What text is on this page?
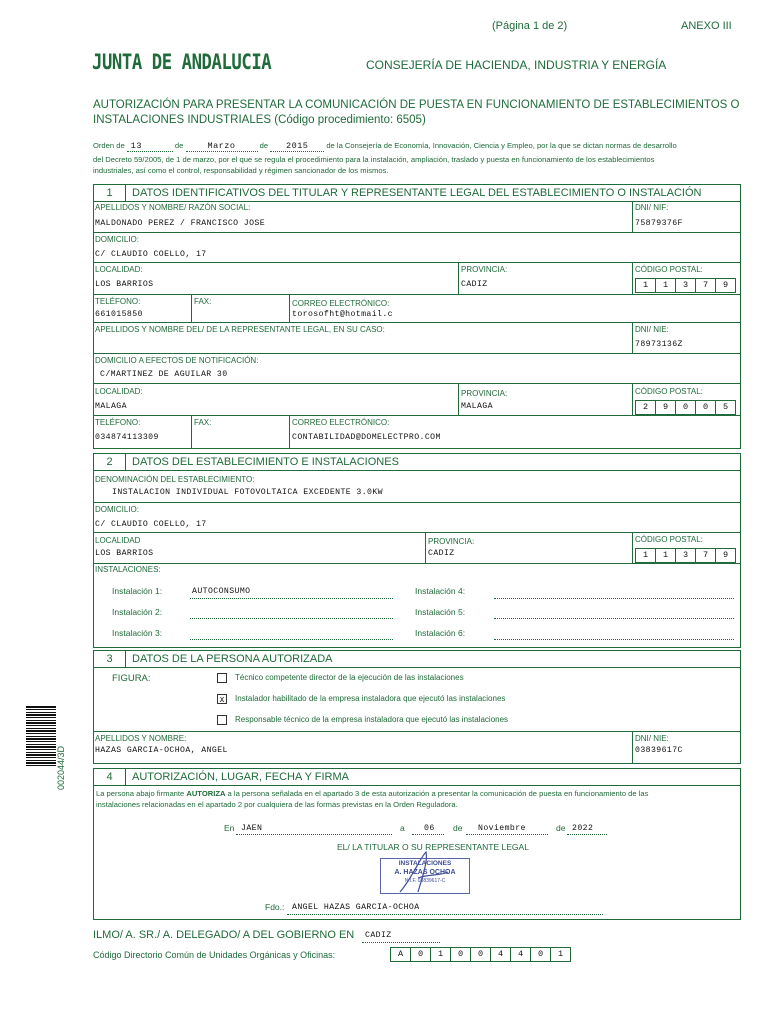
(Página 1 de 2)	ANEXO III
JUNTA DE ANDALUCIA	CONSEJERÍA DE HACIENDA, INDUSTRIA Y ENERGÍA
AUTORIZACIÓN PARA PRESENTAR LA COMUNICACIÓN DE PUESTA EN FUNCIONAMIENTO DE ESTABLECIMIENTOS O
INSTALACIONES INDUSTRIALES (Código procedimiento: 6505)
Orden de 13	de	Marzo	de 2015 de la Consejería de Economía, Innovación, Ciencia y Empleo, por la que se dictan normas de desarrollo
del Decreto 59/2005, de 1 de marzo, por el que se regula el procedimiento para la instalación, ampliación, traslado y puesta en funcionamiento de los establecimientos
industriales, así como el control, responsabilidad y régimen sancionador de los mismos.
1	DATOS IDENTIFICATIVOS DEL TITULAR Y REPRESENTANTE LEGAL DEL ESTABLECIMIENTO O INSTALACIÓN
APELLIDOS Y NOMBRE/ RAZÓN SOCIAL:
MALDONADO PEREZ / FRANCISCO JOSE
DNI/ NIF:
75879376F
DOMICILIO:
C/ CLAUDIO COELLO, 17
LOCALIDAD:
LOS BARRIOS
PROVINCIA:
CADIZ
CÓDIGO POSTAL:
1	1	3	7	9
TELÉFONO:
661015850
FAX:	CORREO ELECTRÓNICO:
torosofht@hotmail.c
APELLIDOS Y NOMBRE DEL/ DE LA REPRESENTANTE LEGAL, EN SU CASO:	DNI/ NIE:
78973136Z
DOMICILIO A EFECTOS DE NOTIFICACIÓN:
C/MARTINEZ DE AGUILAR 30
LOCALIDAD:
MALAGA
PROVINCIA:
MALAGA
CÓDIGO POSTAL:
2	9	0	0	5
TELÉFONO:
034874113309
FAX:	CORREO ELECTRÓNICO:
CONTABILIDAD@DOMELECTPRO.COM
2	DATOS DEL ESTABLECIMIENTO E INSTALACIONES
DENOMINACIÓN DEL ESTABLECIMIENTO:
INSTALACION INDIVIDUAL FOTOVOLTAICA EXCEDENTE 3.0KW
DOMICILIO:
C/ CLAUDIO COELLO, 17
LOCALIDAD
LOS BARRIOS
PROVINCIA:
CADIZ
CÓDIGO POSTAL:
1	1	3	7	9
INSTALACIONES:
Instalación 1:	AUTOCONSUMO
Instalación 2:
Instalación 3:
Instalación 4:
Instalación 5:
Instalación 6:
3	DATOS DE LA PERSONA AUTORIZADA
FIGURA:	Técnico competente director de la ejecución de las instalaciones
x	Instalador habilitado de la empresa instaladora que ejecutó las instalaciones
Responsable técnico de la empresa instaladora que ejecutó las instalaciones
APELLIDOS Y NOMBRE:
HAZAS GARCIA-OCHOA, ANGEL
DNI/ NIE:
03839617C
4	AUTORIZACIÓN, LUGAR, FECHA Y FIRMA
La persona abajo firmante AUTORIZA a la persona señalada en el apartado 3 de esta autorización a presentar la comunicación de puesta en funcionamiento de las
instalaciones relacionadas en el apartado 2 por cualquiera de las formas previstas en la Orden Reguladora.
En JAEN	a 06 de Noviembre	de 2022
EL/ LA TITULAR O SU REPRESENTANTE LEGAL
INSTALACIONES
A. HAZAS OCHOA
N.I.F. 03839617-C
Fdo.: ANGEL HAZAS GARCIA-OCHOA
ILMO/ A. SR./ A. DELEGADO/ A DEL GOBIERNO EN CADIZ
Código Directorio Común de Unidades Orgánicas y Oficinas:	A	0	1	0	0	4	4	0	1
002044/3D
